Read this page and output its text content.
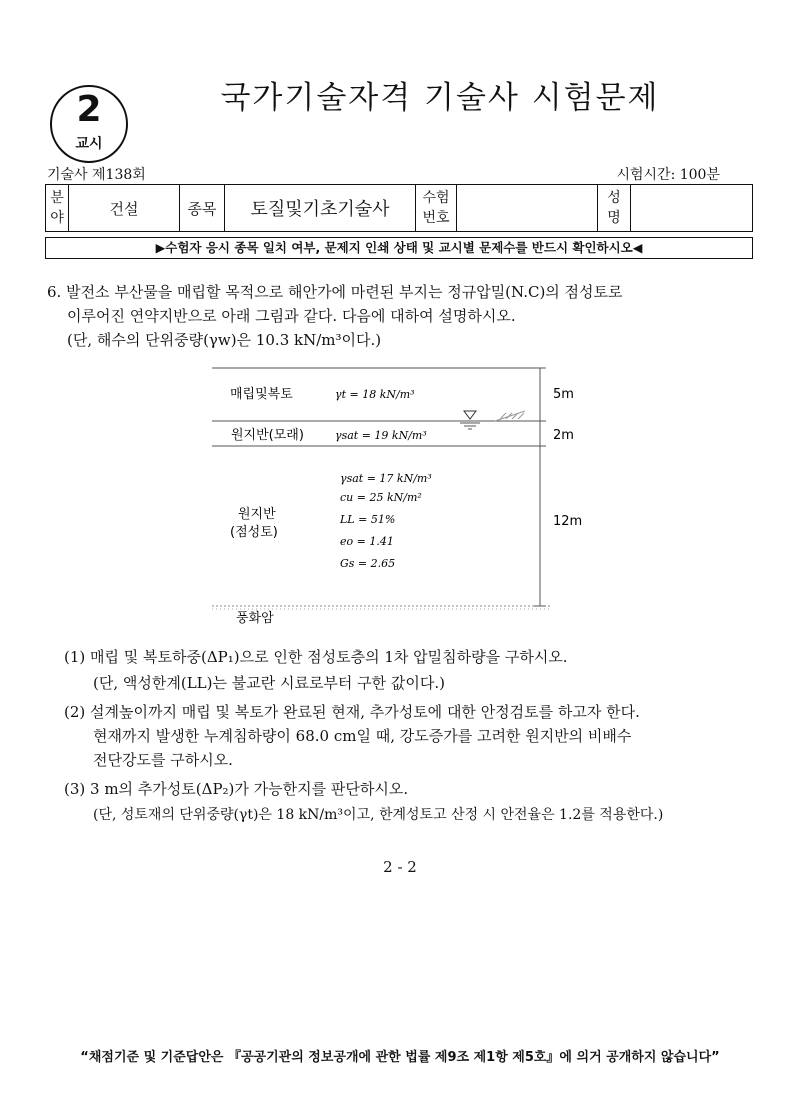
2
교시
국가기술자격 기술사 시험문제
기술사 제138회	시험시간: 100분
분
야
	건설	종목	토질및기초기술사	
수험
번호

성
명

▶수험자 응시 종목 일치 여부, 문제지 인쇄 상태 및 교시별 문제수를 반드시 확인하시오◀
6. 발전소 부산물을 매립할 목적으로 해안가에 마련된 부지는 정규압밀(N.C)의 점성토로
이루어진 연약지반으로 아래 그림과 같다. 다음에 대하여 설명하시오.
(단, 해수의 단위중량(γw)은 10.3 kN/m³이다.)
매립및복토	γt = 18 kN/m³	5m
원지반(모래)	γsat = 19 kN/m³	2m
원지반
(점성토)
γsat = 17 kN/m³
cu = 25 kN/m²
LL = 51%
eo = 1.41
Gs = 2.65
12m
풍화암
(1) 매립 및 복토하중(ΔP₁)으로 인한 점성토층의 1차 압밀침하량을 구하시오.
(단, 액성한계(LL)는 불교란 시료로부터 구한 값이다.)
(2) 설계높이까지 매립 및 복토가 완료된 현재, 추가성토에 대한 안정검토를 하고자 한다.
현재까지 발생한 누계침하량이 68.0 cm일 때, 강도증가를 고려한 원지반의 비배수
전단강도를 구하시오.
(3) 3 m의 추가성토(ΔP₂)가 가능한지를 판단하시오.
(단, 성토재의 단위중량(γt)은 18 kN/m³이고, 한계성토고 산정 시 안전율은 1.2를 적용한다.)
2 - 2
“채점기준 및 기준답안은 『공공기관의 정보공개에 관한 법률 제9조 제1항 제5호』에 의거 공개하지 않습니다”
